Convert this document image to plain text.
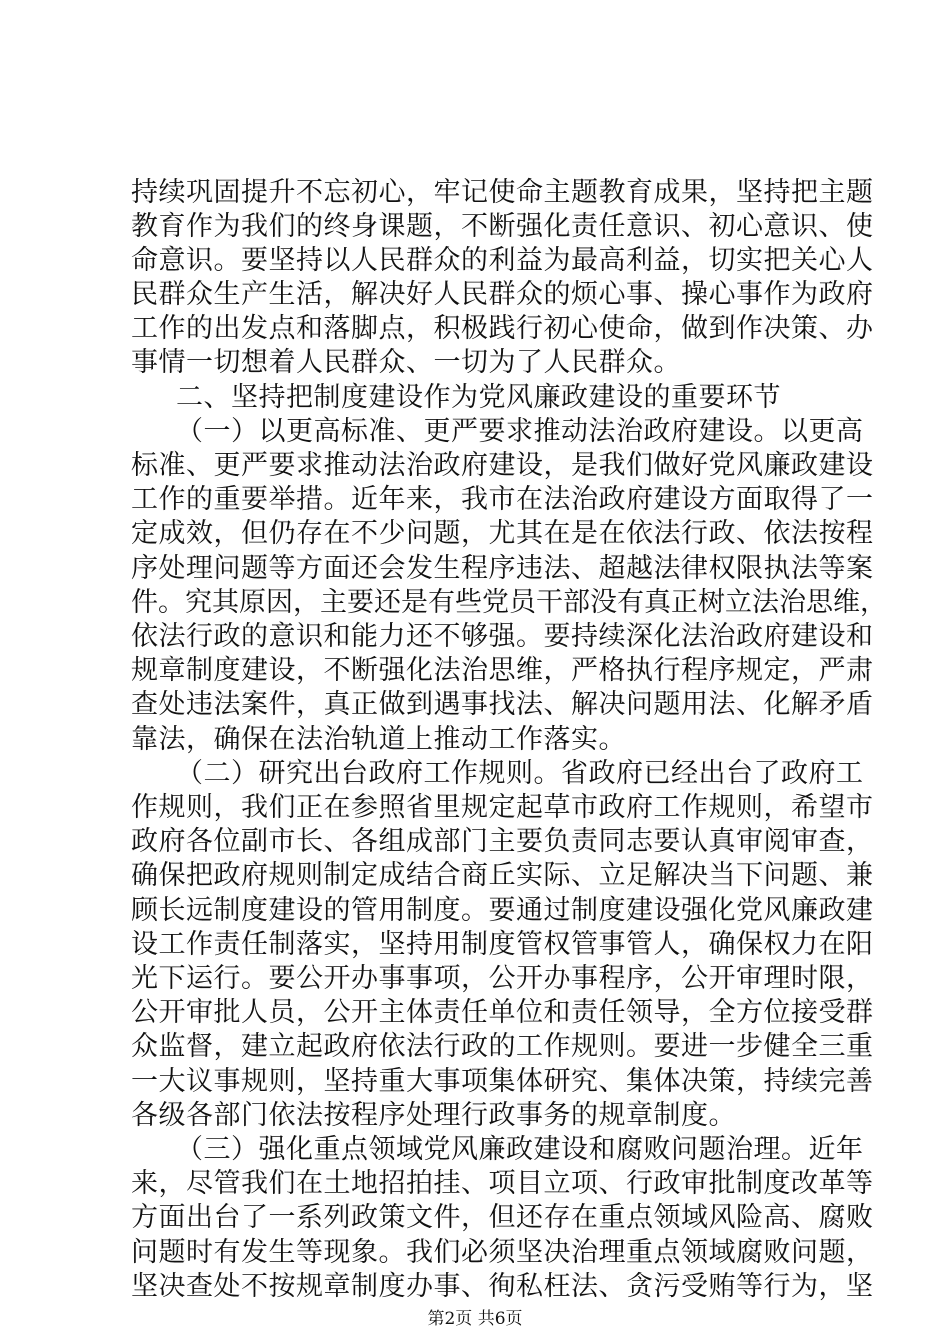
持续巩固提升不忘初心，牢记使命主题教育成果，坚持把主题
教育作为我们的终身课题，不断强化责任意识、初心意识、使
命意识。要坚持以人民群众的利益为最高利益，切实把关心人
民群众生产生活，解决好人民群众的烦心事、操心事作为政府
工作的出发点和落脚点，积极践行初心使命，做到作决策、办
事情一切想着人民群众、一切为了人民群众。
二、坚持把制度建设作为党风廉政建设的重要环节
（一）以更高标准、更严要求推动法治政府建设。以更高
标准、更严要求推动法治政府建设，是我们做好党风廉政建设
工作的重要举措。近年来，我市在法治政府建设方面取得了一
定成效，但仍存在不少问题，尤其在是在依法行政、依法按程
序处理问题等方面还会发生程序违法、超越法律权限执法等案
件。究其原因，主要还是有些党员干部没有真正树立法治思维，
依法行政的意识和能力还不够强。要持续深化法治政府建设和
规章制度建设，不断强化法治思维，严格执行程序规定，严肃
查处违法案件，真正做到遇事找法、解决问题用法、化解矛盾
靠法，确保在法治轨道上推动工作落实。
（二）研究出台政府工作规则。省政府已经出台了政府工
作规则，我们正在参照省里规定起草市政府工作规则，希望市
政府各位副市长、各组成部门主要负责同志要认真审阅审查，
确保把政府规则制定成结合商丘实际、立足解决当下问题、兼
顾长远制度建设的管用制度。要通过制度建设强化党风廉政建
设工作责任制落实，坚持用制度管权管事管人，确保权力在阳
光下运行。要公开办事事项，公开办事程序，公开审理时限，
公开审批人员，公开主体责任单位和责任领导，全方位接受群
众监督，建立起政府依法行政的工作规则。要进一步健全三重
一大议事规则，坚持重大事项集体研究、集体决策，持续完善
各级各部门依法按程序处理行政事务的规章制度。
（三）强化重点领域党风廉政建设和腐败问题治理。近年
来，尽管我们在土地招拍挂、项目立项、行政审批制度改革等
方面出台了一系列政策文件，但还存在重点领域风险高、腐败
问题时有发生等现象。我们必须坚决治理重点领域腐败问题，
坚决查处不按规章制度办事、徇私枉法、贪污受贿等行为，坚
第2页 共6页
